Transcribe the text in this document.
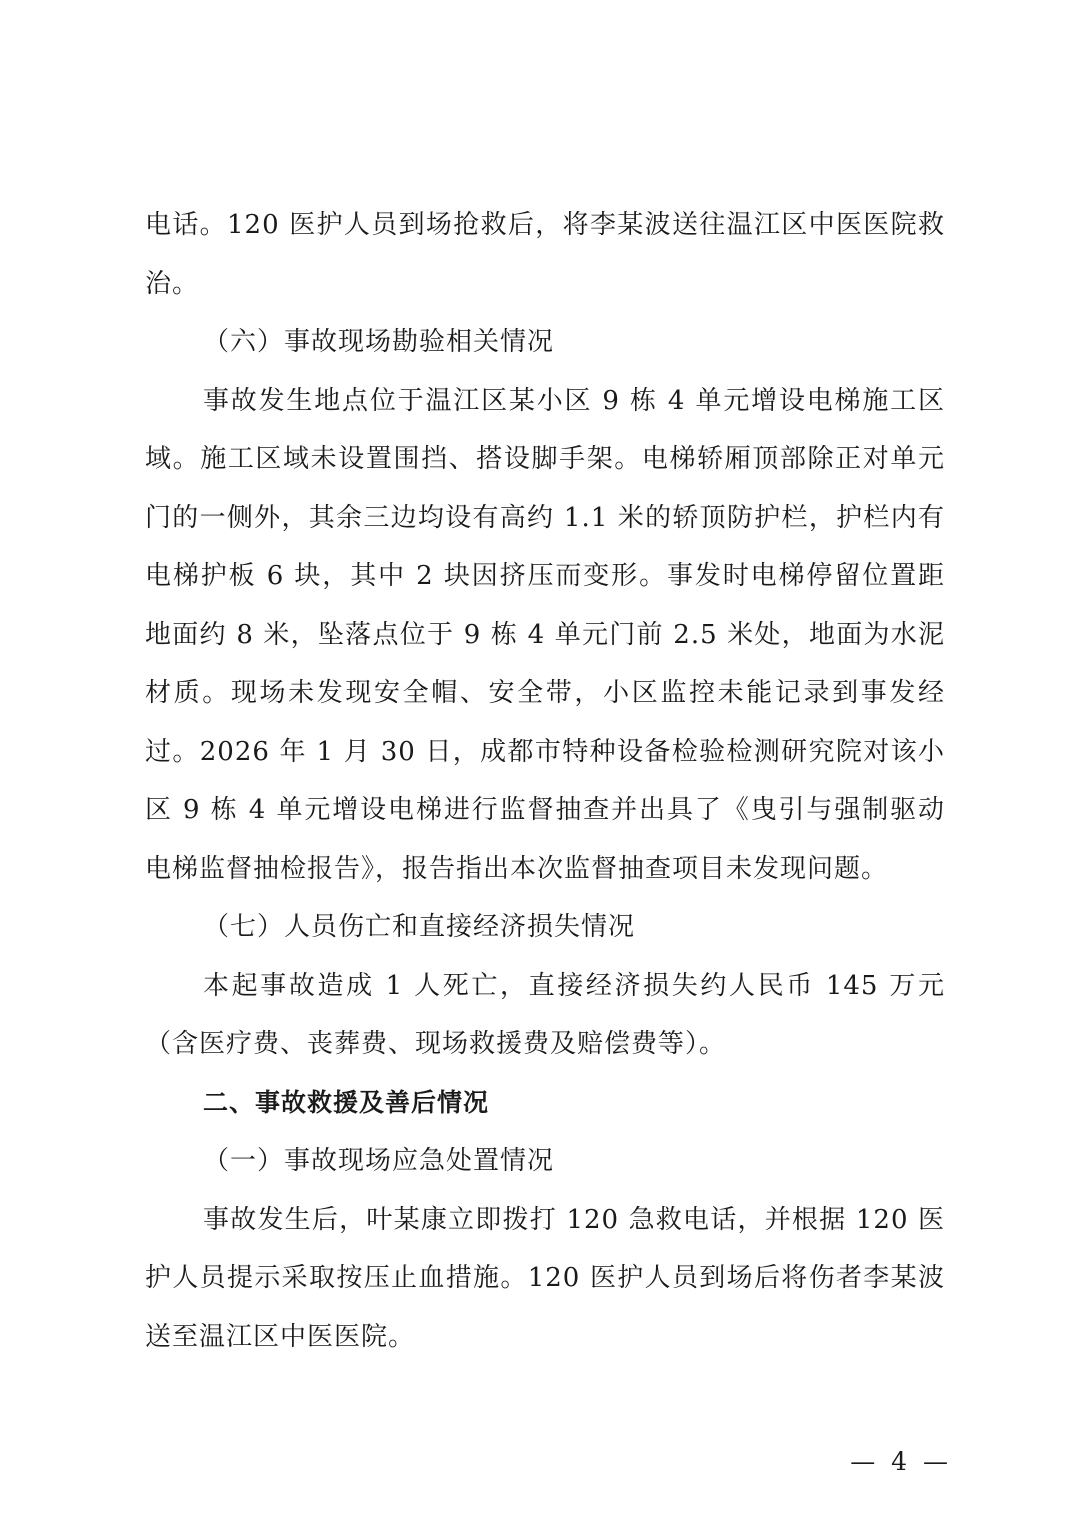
电话。120 医护人员到场抢救后，将李某波送往温江区中医医院救治。

（六）事故现场勘验相关情况

事故发生地点位于温江区某小区 9 栋 4 单元增设电梯施工区域。施工区域未设置围挡、搭设脚手架。电梯轿厢顶部除正对单元门的一侧外，其余三边均设有高约 1.1 米的轿顶防护栏，护栏内有电梯护板 6 块，其中 2 块因挤压而变形。事发时电梯停留位置距地面约 8 米，坠落点位于 9 栋 4 单元门前 2.5 米处，地面为水泥材质。现场未发现安全帽、安全带，小区监控未能记录到事发经过。2026 年 1 月 30 日，成都市特种设备检验检测研究院对该小区 9 栋 4 单元增设电梯进行监督抽查并出具了《曳引与强制驱动电梯监督抽检报告》，报告指出本次监督抽查项目未发现问题。

（七）人员伤亡和直接经济损失情况

本起事故造成 1 人死亡，直接经济损失约人民币 145 万元（含医疗费、丧葬费、现场救援费及赔偿费等）。

二、事故救援及善后情况

（一）事故现场应急处置情况

事故发生后，叶某康立即拨打 120 急救电话，并根据 120 医护人员提示采取按压止血措施。120 医护人员到场后将伤者李某波送至温江区中医医院。

— 4 —
